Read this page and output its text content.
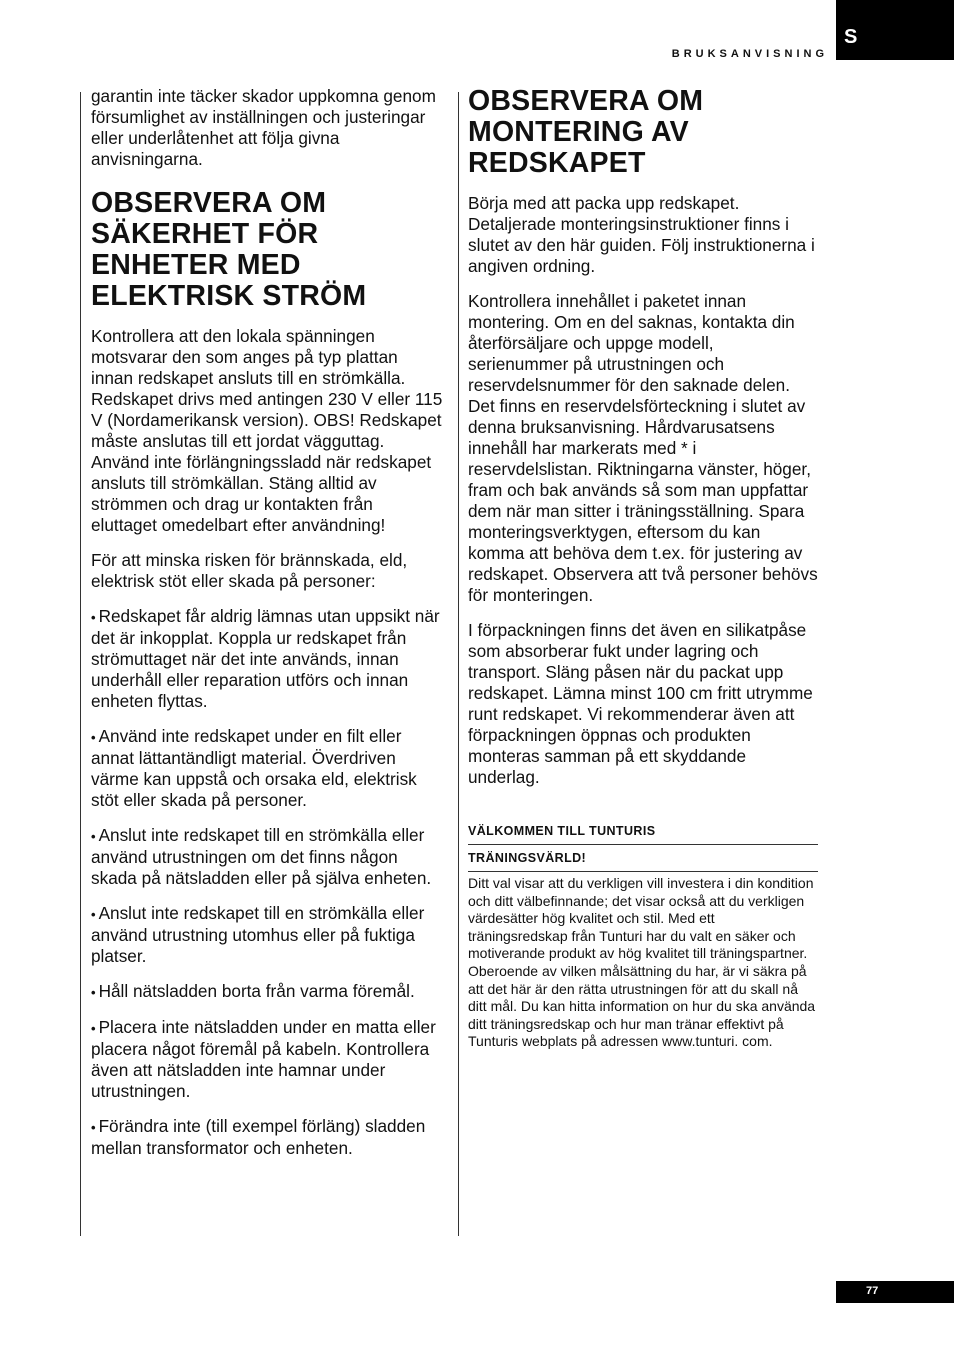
BRUKSANVISNING
S

garantin inte täcker skador uppkomna genom försumlighet av inställningen och justeringar eller underlåtenhet att följa givna anvisningarna.

OBSERVERA OM SÄKERHET FÖR ENHETER MED ELEKTRISK STRÖM

Kontrollera att den lokala spänningen motsvarar den som anges på typ plattan innan redskapet ansluts till en strömkälla. Redskapet drivs med antingen 230 V eller 115 V (Nordamerikansk version). OBS! Redskapet måste anslutas till ett jordat vägguttag. Använd inte förlängningssladd när redskapet ansluts till strömkällan. Stäng alltid av strömmen och drag ur kontakten från eluttaget omedelbart efter användning!

För att minska risken för brännskada, eld, elektrisk stöt eller skada på personer:

• Redskapet får aldrig lämnas utan uppsikt när det är inkopplat. Koppla ur redskapet från strömuttaget när det inte används, innan underhåll eller reparation utförs och innan enheten flyttas.

• Använd inte redskapet under en filt eller annat lättantändligt material. Överdriven värme kan uppstå och orsaka eld, elektrisk stöt eller skada på personer.

• Anslut inte redskapet till en strömkälla eller använd utrustningen om det finns någon skada på nätsladden eller på själva enheten.

• Anslut inte redskapet till en strömkälla eller använd utrustning utomhus eller på fuktiga platser.

• Håll nätsladden borta från varma föremål.

• Placera inte nätsladden under en matta eller placera något föremål på kabeln. Kontrollera även att nätsladden inte hamnar under utrustningen.

• Förändra inte (till exempel förläng) sladden mellan transformator och enheten.

OBSERVERA OM MONTERING AV REDSKAPET

Börja med att packa upp redskapet. Detaljerade monteringsinstruktioner finns i slutet av den här guiden. Följ instruktionerna i angiven ordning.

Kontrollera innehållet i paketet innan montering. Om en del saknas, kontakta din återförsäljare och uppge modell, serienummer på utrustningen och reservdelsnummer för den saknade delen. Det finns en reservdelsförteckning i slutet av denna bruksanvisning. Hårdvarusatsens innehåll har markerats med * i reservdelslistan. Riktningarna vänster, höger, fram och bak används så som man uppfattar dem när man sitter i träningsställning. Spara monteringsverktygen, eftersom du kan komma att behöva dem t.ex. för justering av redskapet. Observera att två personer behövs för monteringen.

I förpackningen finns det även en silikatpåse som absorberar fukt under lagring och transport. Släng påsen när du packat upp redskapet. Lämna minst 100 cm fritt utrymme runt redskapet. Vi rekommenderar även att förpackningen öppnas och produkten monteras samman på ett skyddande underlag.

VÄLKOMMEN TILL TUNTURIS
TRÄNINGSVÄRLD!

Ditt val visar att du verkligen vill investera i din kondition och ditt välbefinnande; det visar också att du verkligen värdesätter hög kvalitet och stil. Med ett träningsredskap från Tunturi har du valt en säker och motiverande produkt av hög kvalitet till träningspartner. Oberoende av vilken målsättning du har, är vi säkra på att det här är den rätta utrustningen för att du skall nå ditt mål. Du kan hitta information on hur du ska använda ditt träningsredskap och hur man tränar effektivt på Tunturis webplats på adressen www.tunturi. com.

77
